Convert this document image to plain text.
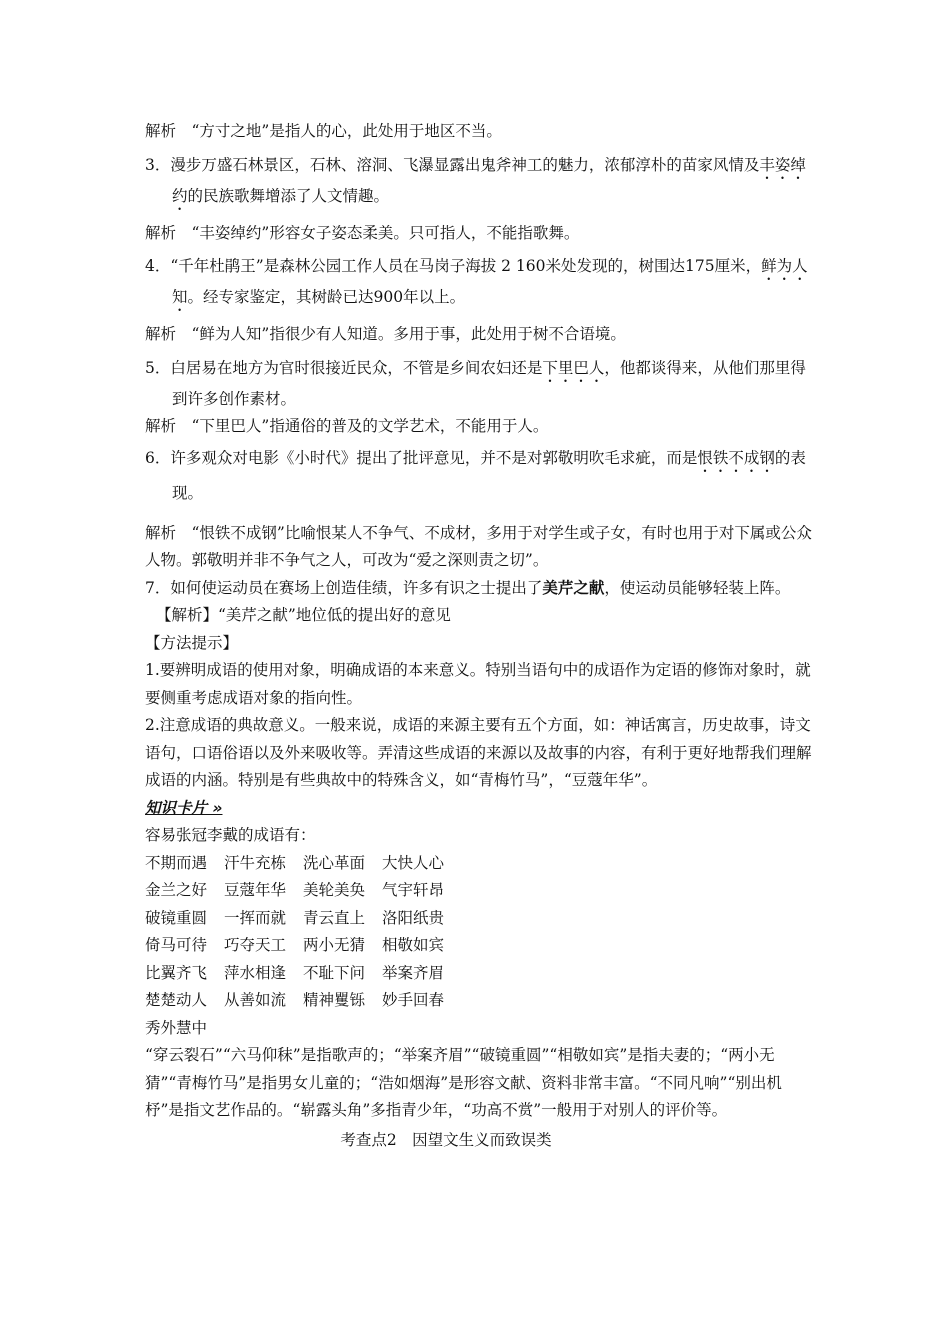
解析　“方寸之地”是指人的心，此处用于地区不当。

3．漫步万盛石林景区，石林、溶洞、飞瀑显露出鬼斧神工的魅力，浓郁淳朴的苗家风情及丰姿绰约的民族歌舞增添了人文情趣。

解析　“丰姿绰约”形容女子姿态柔美。只可指人，不能指歌舞。

4．“千年杜鹃王”是森林公园工作人员在马岗子海拔 2 160米处发现的，树围达175厘米，鲜为人知。经专家鉴定，其树龄已达900年以上。

解析　“鲜为人知”指很少有人知道。多用于事，此处用于树不合语境。

5．白居易在地方为官时很接近民众，不管是乡间农妇还是下里巴人，他都谈得来，从他们那里得到许多创作素材。

解析　“下里巴人”指通俗的普及的文学艺术，不能用于人。

6．许多观众对电影《小时代》提出了批评意见，并不是对郭敬明吹毛求疵，而是恨铁不成钢的表现。

解析　“恨铁不成钢”比喻恨某人不争气、不成材，多用于对学生或子女，有时也用于对下属或公众人物。郭敬明并非不争气之人，可改为“爱之深则责之切”。

7．如何使运动员在赛场上创造佳绩，许多有识之士提出了美芹之献，使运动员能够轻装上阵。

【解析】“美芹之献”地位低的提出好的意见

【方法提示】

1.要辨明成语的使用对象，明确成语的本来意义。特别当语句中的成语作为定语的修饰对象时，就要侧重考虑成语对象的指向性。

2.注意成语的典故意义。一般来说，成语的来源主要有五个方面，如：神话寓言，历史故事，诗文语句，口语俗语以及外来吸收等。弄清这些成语的来源以及故事的内容，有利于更好地帮我们理解成语的内涵。特别是有些典故中的特殊含义，如“青梅竹马”，“豆蔻年华”。

知识卡片 »

容易张冠李戴的成语有：

不期而遇 汗牛充栋 洗心革面 大快人心

金兰之好 豆蔻年华 美轮美奂 气宇轩昂

破镜重圆 一挥而就 青云直上 洛阳纸贵

倚马可待 巧夺天工 两小无猜 相敬如宾

比翼齐飞 萍水相逢 不耻下问 举案齐眉

楚楚动人 从善如流 精神矍铄 妙手回春

秀外慧中

“穿云裂石”“六马仰秣”是指歌声的；“举案齐眉”“破镜重圆”“相敬如宾”是指夫妻的；“两小无猜”“青梅竹马”是指男女儿童的；“浩如烟海”是形容文献、资料非常丰富。“不同凡响”“别出机杼”是指文艺作品的。“崭露头角”多指青少年，“功高不赏”一般用于对别人的评价等。

考查点2　因望文生义而致误类
